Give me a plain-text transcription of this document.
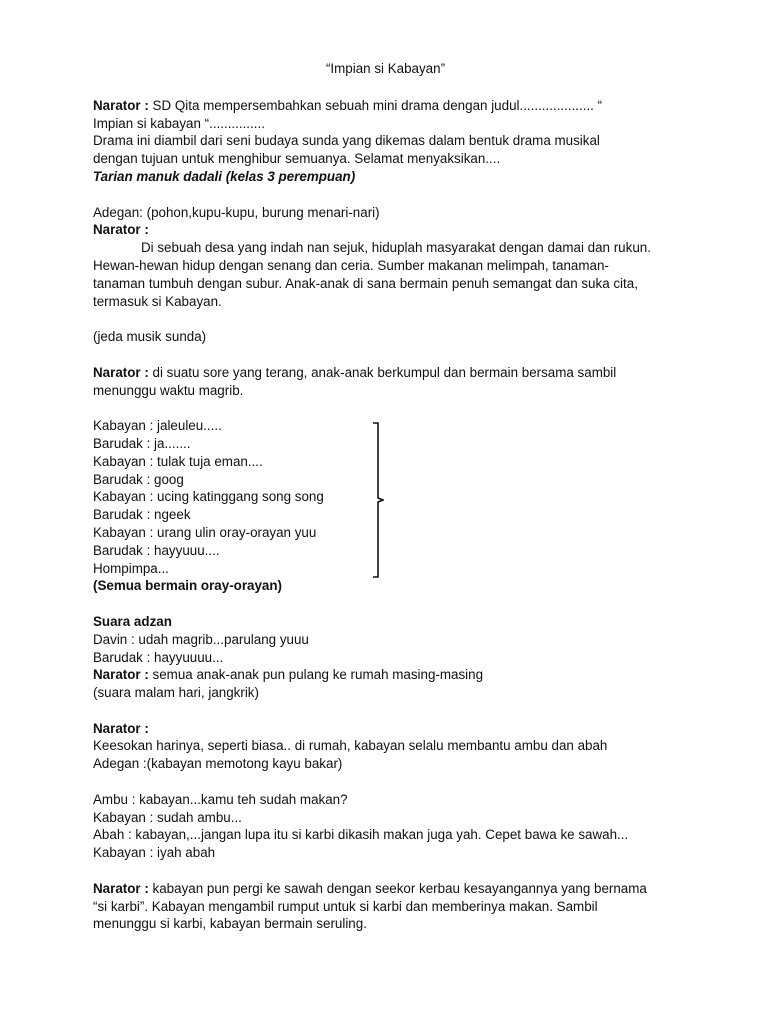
“Impian si Kabayan”

Narator : SD Qita mempersembahkan sebuah mini drama dengan judul.................... “

Impian si kabayan “...............

Drama ini diambil dari seni budaya sunda yang dikemas dalam bentuk drama musikal

dengan tujuan untuk menghibur semuanya. Selamat menyaksikan....

Tarian manuk dadali (kelas 3 perempuan)

Adegan: (pohon,kupu-kupu, burung menari-nari)

Narator :

Di sebuah desa yang indah nan sejuk, hiduplah masyarakat dengan damai dan rukun.

Hewan-hewan hidup dengan senang dan ceria. Sumber makanan melimpah, tanaman-

tanaman tumbuh dengan subur. Anak-anak di sana bermain penuh semangat dan suka cita,

termasuk si Kabayan.

(jeda musik sunda)

Narator : di suatu sore yang terang, anak-anak berkumpul dan bermain bersama sambil

menunggu waktu magrib.

Kabayan : jaleuleu.....

Barudak : ja.......

Kabayan : tulak tuja eman....

Barudak : goog

Kabayan : ucing katinggang song song

Barudak : ngeek

Kabayan : urang ulin oray-orayan yuu

Barudak : hayyuuu....

Hompimpa...

(Semua bermain oray-orayan)

Suara adzan

Davin : udah magrib...parulang yuuu

Barudak : hayyuuuu...

Narator : semua anak-anak pun pulang ke rumah masing-masing

(suara malam hari, jangkrik)

Narator :

Keesokan harinya, seperti biasa.. di rumah, kabayan selalu membantu ambu dan abah

Adegan :(kabayan memotong kayu bakar)

Ambu : kabayan...kamu teh sudah makan?

Kabayan : sudah ambu...

Abah : kabayan,...jangan lupa itu si karbi dikasih makan juga yah. Cepet bawa ke sawah...

Kabayan : iyah abah

Narator : kabayan pun pergi ke sawah dengan seekor kerbau kesayangannya yang bernama

“si karbi”. Kabayan mengambil rumput untuk si karbi dan memberinya makan. Sambil

menunggu si karbi, kabayan bermain seruling.
